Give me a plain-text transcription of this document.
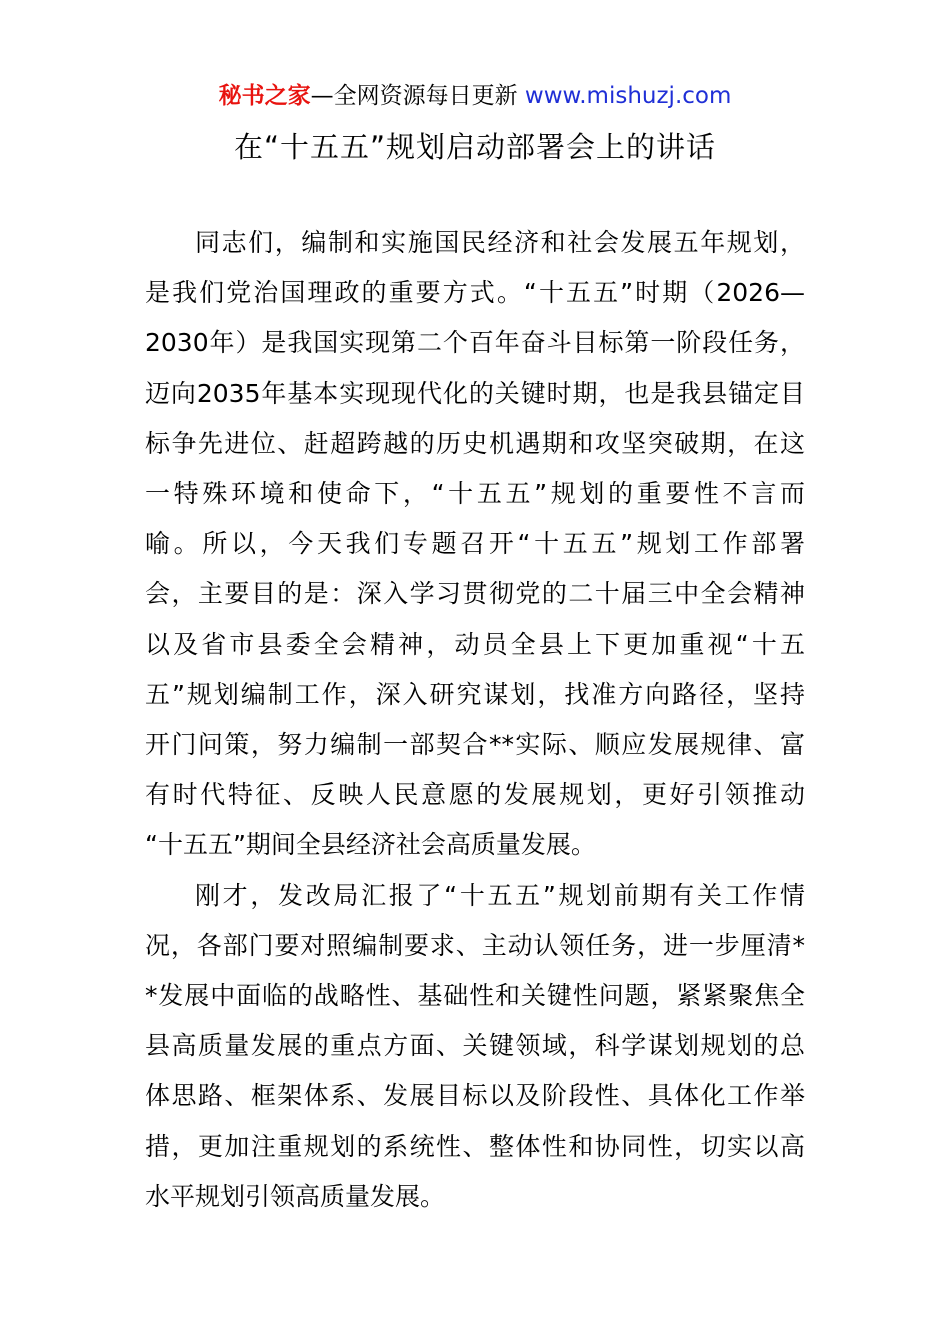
秘书之家—全网资源每日更新 www.mishuzj.com
在“十五五”规划启动部署会上的讲话
同志们，编制和实施国民经济和社会发展五年规划，
是我们党治国理政的重要方式。“十五五”时期（2026—
2030年）是我国实现第二个百年奋斗目标第一阶段任务，
迈向2035年基本实现现代化的关键时期，也是我县锚定目
标争先进位、赶超跨越的历史机遇期和攻坚突破期，在这
一特殊环境和使命下，“十五五”规划的重要性不言而
喻。所以，今天我们专题召开“十五五”规划工作部署
会，主要目的是：深入学习贯彻党的二十届三中全会精神
以及省市县委全会精神，动员全县上下更加重视“十五
五”规划编制工作，深入研究谋划，找准方向路径，坚持
开门问策，努力编制一部契合**实际、顺应发展规律、富
有时代特征、反映人民意愿的发展规划，更好引领推动
“十五五”期间全县经济社会高质量发展。
刚才，发改局汇报了“十五五”规划前期有关工作情
况，各部门要对照编制要求、主动认领任务，进一步厘清*
*发展中面临的战略性、基础性和关键性问题，紧紧聚焦全
县高质量发展的重点方面、关键领域，科学谋划规划的总
体思路、框架体系、发展目标以及阶段性、具体化工作举
措，更加注重规划的系统性、整体性和协同性，切实以高
水平规划引领高质量发展。
